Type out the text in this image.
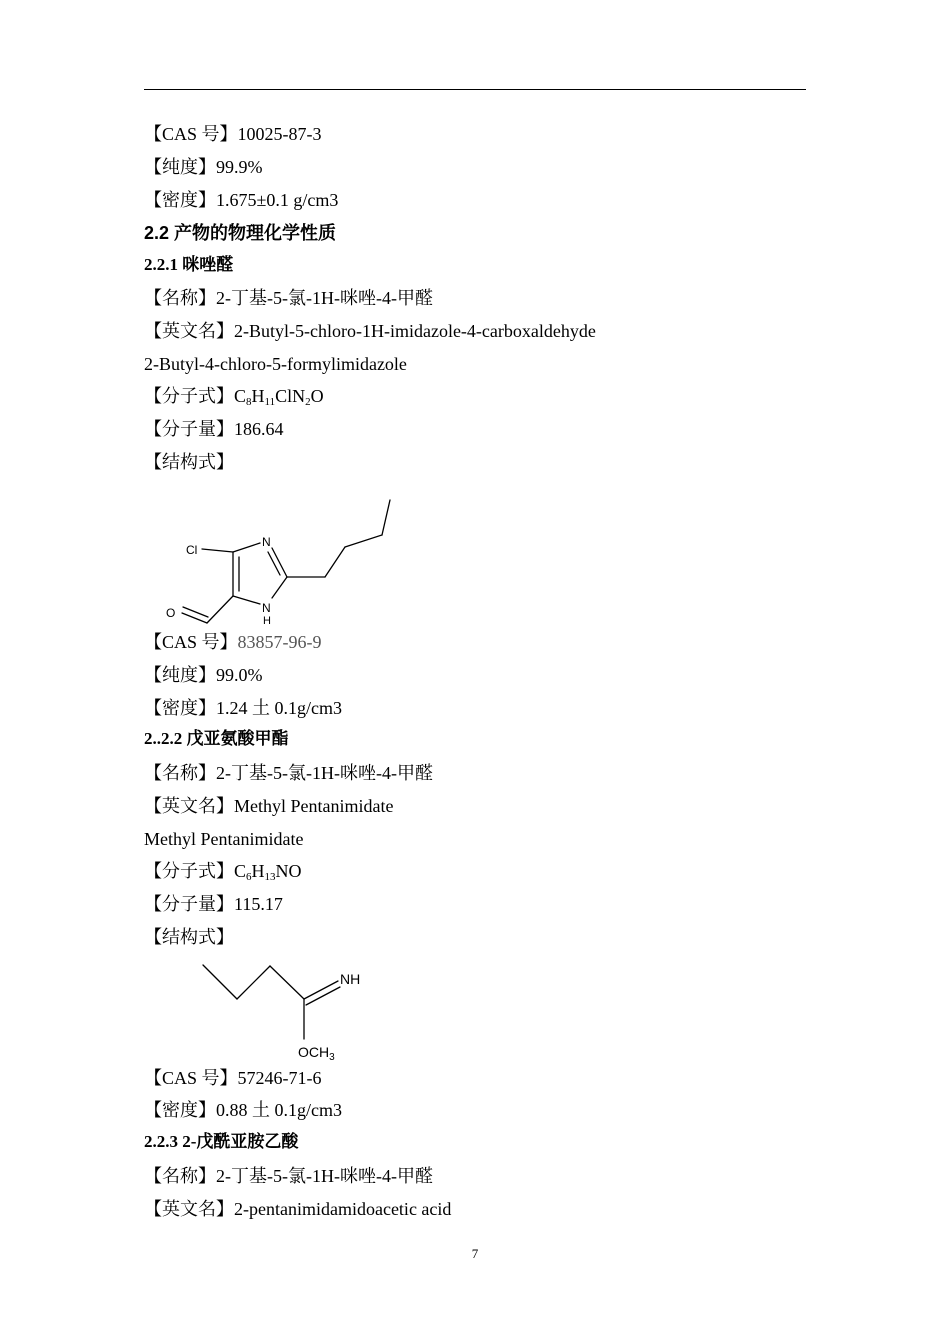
【CAS 号】10025-87-3
【纯度】99.9%
【密度】1.675±0.1 g/cm3
2.2 产物的物理化学性质
2.2.1 咪唑醛
【名称】2-丁基-5-氯-1H-咪唑-4-甲醛
【英文名】2-Butyl-5-chloro-1H-imidazole-4-carboxaldehyde
2-Butyl-4-chloro-5-formylimidazole
【分子式】$C_8H_{11}ClN_2O$
【分子量】186.64
【结构式】
Cl
N
O	N
H
【CAS 号】83857-96-9
【纯度】99.0%
【密度】1.24 土 0.1g/cm3
2..2.2 戊亚氨酸甲酯
【名称】2-丁基-5-氯-1H-咪唑-4-甲醛
【英文名】Methyl Pentanimidate
Methyl Pentanimidate
【分子式】$C_6H_{13}NO$
【分子量】115.17
【结构式】
NH
$OCH_3$
【CAS 号】57246-71-6
【密度】0.88 土 0.1g/cm3
2.2.3 2-戊酰亚胺乙酸
【名称】2-丁基-5-氯-1H-咪唑-4-甲醛
【英文名】2-pentanimidamidoacetic acid
7
